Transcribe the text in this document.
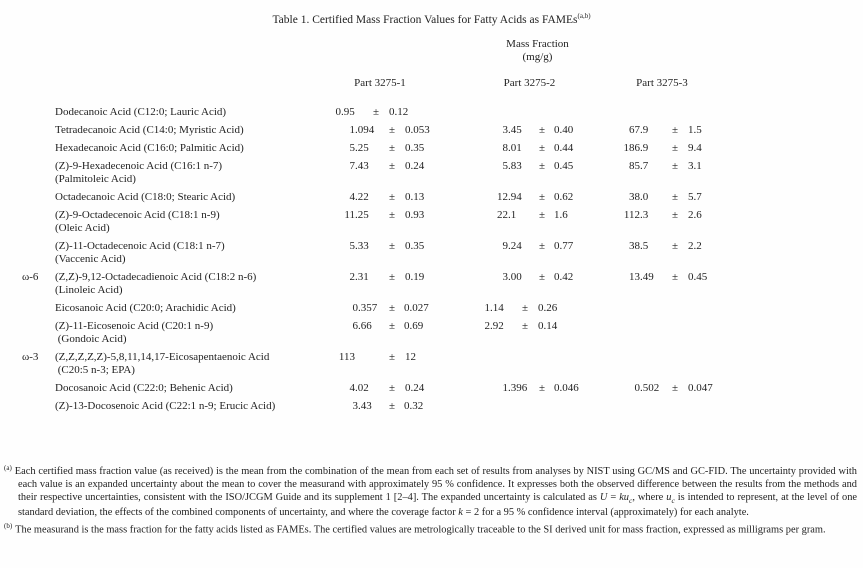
Table 1. Certified Mass Fraction Values for Fatty Acids as FAMEs$^{(a,b)}$
Mass Fraction
(mg/g)
Part 3275-1	Part 3275-2	Part 3275-3
Dodecanoic Acid (C12:0; Lauric Acid)	0 .95	± 0.12
Tetradecanoic Acid (C14:0; Myristic Acid)	1 .094	± 0.053	3 .45	± 0.40	67 .9	± 1.5
Hexadecanoic Acid (C16:0; Palmitic Acid)	5 .25	± 0.35	8 .01	± 0.44	186 .9	± 9.4
(Z)-9-Hexadecenoic Acid (C16:1 n-7)
(Palmitoleic Acid)
7 .43	± 0.24	5 .83	± 0.45	85 .7	± 3.1
Octadecanoic Acid (C18:0; Stearic Acid)	4 .22	± 0.13	12 .94	± 0.62	38 .0	± 5.7
(Z)-9-Octadecenoic Acid (C18:1 n-9)
(Oleic Acid)
11 .25	± 0.93	22 .1	± 1.6	112 .3	± 2.6
(Z)-11-Octadecenoic Acid (C18:1 n-7)
(Vaccenic Acid)
5 .33	± 0.35	9 .24	± 0.77	38 .5	± 2.2
ω-6	(Z,Z)-9,12-Octadecadienoic Acid (C18:2 n-6)
(Linoleic Acid)
2 .31	± 0.19	3 .00	± 0.42	13 .49	± 0.45
Eicosanoic Acid (C20:0; Arachidic Acid)	0 .357	± 0.027	1 .14	± 0.26
(Z)-11-Eicosenoic Acid (C20:1 n-9)
(Gondoic Acid)
6 .66	± 0.69	2 .92	± 0.14
ω-3	(Z,Z,Z,Z,Z)-5,8,11,14,17-Eicosapentaenoic Acid
(C20:5 n-3; EPA)
113	± 12
Docosanoic Acid (C22:0; Behenic Acid)	4 .02	± 0.24	1 .396	± 0.046	0 .502	± 0.047
(Z)-13-Docosenoic Acid (C22:1 n-9; Erucic Acid)	3 .43	± 0.32
$^{(a)}$ Each certified mass fraction value (as received) is the mean from the combination of the mean from each set of results from analyses by NIST using GC/MS and GC-FID. The uncertainty provided with each value is an expanded uncertainty about the mean to cover the measurand with approximately 95 % confidence. It expresses both the observed difference between the results from the methods and their respective uncertainties, consistent with the ISO/JCGM Guide and its supplement 1 [2–4]. The expanded uncertainty is calculated as $U = ku_c$, where $u_c$ is intended to represent, at the level of one standard deviation, the effects of the combined components of uncertainty, and where the coverage factor k = 2 for a 95 % confidence interval (approximately) for each analyte.
$^{(b)}$ The measurand is the mass fraction for the fatty acids listed as FAMEs. The certified values are metrologically traceable to the SI derived unit for mass fraction, expressed as milligrams per gram.
